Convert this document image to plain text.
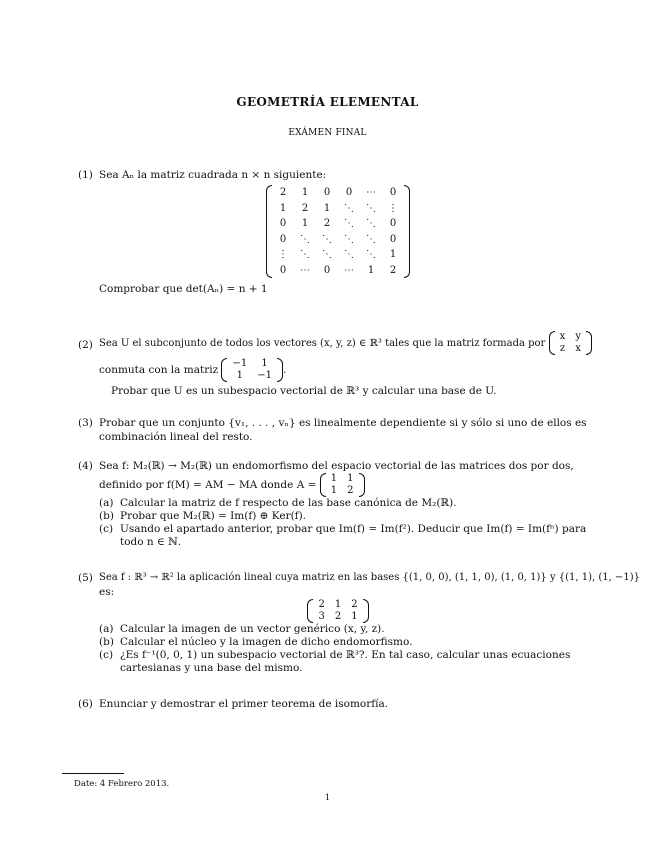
GEOMETRÍA ELEMENTAL
EXÁMEN FINAL
(1) Sea Aₙ la matriz cuadrada n × n siguiente:
2	1	0	0	⋯	0
1	2	1	⋱	⋱	⋮
0	1	2	⋱	⋱	0
0	⋱	⋱	⋱	⋱	0
⋮	⋱	⋱	⋱	⋱	1
0	⋯	0	⋯	1	2
Comprobar que det(Aₙ) = n + 1
(2) Sea U el subconjunto de todos los vectores (x, y, z) ∈ ℝ³ tales que la matriz formada por
x	y
z	x
conmuta con la matriz
−1	1
1	−1 .
Probar que U es un subespacio vectorial de ℝ³ y calcular una base de U.
(3) Probar que un conjunto {v₁, . . . , vₙ} es linealmente dependiente si y sólo si uno de ellos es combinación lineal del resto.
(4) Sea f: M₂(ℝ) → M₂(ℝ) un endomorfismo del espacio vectorial de las matrices dos por dos,
definido por f(M) = AM − MA donde A =
1	1
1	2
(a) Calcular la matriz de f respecto de las base canónica de M₂(ℝ).
(b) Probar que M₂(ℝ) = Im(f) ⊕ Ker(f).
(c) Usando el apartado anterior, probar que Im(f) = Im(f²). Deducir que Im(f) = Im(fⁿ) para todo n ∈ ℕ.
(5) Sea f : ℝ³ → ℝ² la aplicación lineal cuya matriz en las bases {(1, 0, 0), (1, 1, 0), (1, 0, 1)} y {(1, 1), (1, −1)}
es:
2	1	2
3	2	1
(a) Calcular la imagen de un vector genérico (x, y, z).
(b) Calcular el núcleo y la imagen de dicho endomorfismo.
(c) ¿Es f⁻¹(0, 0, 1) un subespacio vectorial de ℝ³?. En tal caso, calcular unas ecuaciones cartesianas y una base del mismo.
(6) Enunciar y demostrar el primer teorema de isomorfía.
Date: 4 Febrero 2013.
1
